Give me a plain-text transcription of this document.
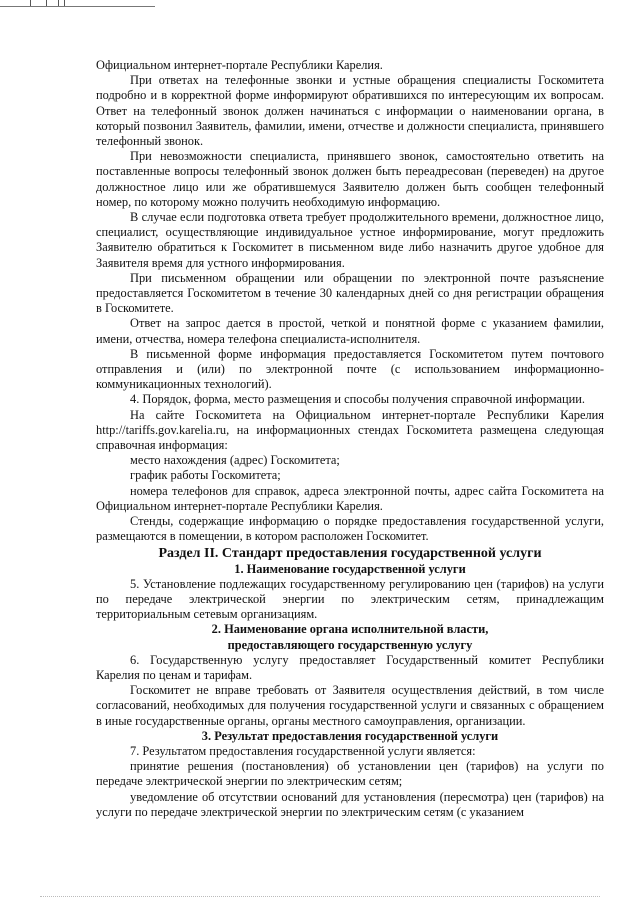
Официальном интернет-портале Республики Карелия.

При ответах на телефонные звонки и устные обращения специалисты Госкомитета подробно и в корректной форме информируют обратившихся по интересующим их вопросам. Ответ на телефонный звонок должен начинаться с информации о наименовании органа, в который позвонил Заявитель, фамилии, имени, отчестве и должности специалиста, принявшего телефонный звонок.

При невозможности специалиста, принявшего звонок, самостоятельно ответить на поставленные вопросы телефонный звонок должен быть переадресован (переведен) на другое должностное лицо или же обратившемуся Заявителю должен быть сообщен телефонный номер, по которому можно получить необходимую информацию.

В случае если подготовка ответа требует продолжительного времени, должностное лицо, специалист, осуществляющие индивидуальное устное информирование, могут предложить Заявителю обратиться к Госкомитет в письменном виде либо назначить другое удобное для Заявителя время для устного информирования.

При письменном обращении или обращении по электронной почте разъяснение предоставляется Госкомитетом в течение 30 календарных дней со дня регистрации обращения в Госкомитете.

Ответ на запрос дается в простой, четкой и понятной форме с указанием фамилии, имени, отчества, номера телефона специалиста-исполнителя.

В письменной форме информация предоставляется Госкомитетом путем почтового отправления и (или) по электронной почте (с использованием информационно-коммуникационных технологий).

4. Порядок, форма, место размещения и способы получения справочной информации.

На сайте Госкомитета на Официальном интернет-портале Республики Карелия http://tariffs.gov.karelia.ru, на информационных стендах Госкомитета размещена следующая справочная информация:

место нахождения (адрес) Госкомитета;

график работы Госкомитета;

номера телефонов для справок, адреса электронной почты, адрес сайта Госкомитета на Официальном интернет-портале Республики Карелия.

Стенды, содержащие информацию о порядке предоставления государственной услуги, размещаются в помещении, в котором расположен Госкомитет.

Раздел II. Стандарт предоставления государственной услуги

1. Наименование государственной услуги

5. Установление подлежащих государственному регулированию цен (тарифов) на услуги по передаче электрической энергии по электрическим сетям, принадлежащим территориальным сетевым организациям.

2. Наименование органа исполнительной власти,

предоставляющего государственную услугу

6. Государственную услугу предоставляет Государственный комитет Республики Карелия по ценам и тарифам.

Госкомитет не вправе требовать от Заявителя осуществления действий, в том числе согласований, необходимых для получения государственной услуги и связанных с обращением в иные государственные органы, органы местного самоуправления, организации.

3. Результат предоставления государственной услуги

7. Результатом предоставления государственной услуги является:

принятие решения (постановления) об установлении цен (тарифов) на услуги по передаче электрической энергии по электрическим сетям;

уведомление об отсутствии оснований для установления (пересмотра) цен (тарифов) на услуги по передаче электрической энергии по электрическим сетям (с указанием
